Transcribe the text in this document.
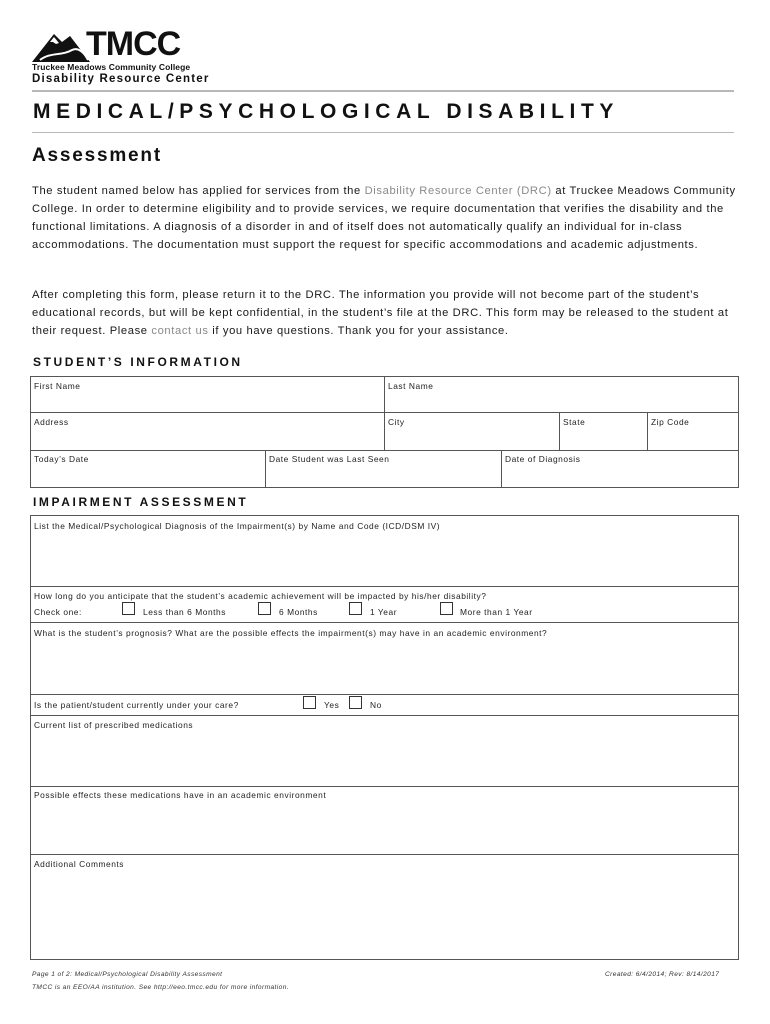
TMCC
Truckee Meadows Community College
Disability Resource Center
MEDICAL/PSYCHOLOGICAL DISABILITY
Assessment
The student named below has applied for services from the Disability Resource Center (DRC) at Truckee Meadows Community College. In order to determine eligibility and to provide services, we require documentation that verifies the disability and the functional limitations. A diagnosis of a disorder in and of itself does not automatically qualify an individual for in-class accommodations. The documentation must support the request for specific accommodations and academic adjustments.
After completing this form, please return it to the DRC. The information you provide will not become part of the student’s educational records, but will be kept confidential, in the student’s file at the DRC. This form may be released to the student at their request. Please contact us if you have questions. Thank you for your assistance.
STUDENT’S INFORMATION
First Name	Last Name
Address	City	State	Zip Code
Today’s Date	Date Student was Last Seen	Date of Diagnosis
IMPAIRMENT ASSESSMENT
List the Medical/Psychological Diagnosis of the Impairment(s) by Name and Code (ICD/DSM IV)
How long do you anticipate that the student’s academic achievement will be impacted by his/her disability?
Check one:	Less than 6 Months	6 Months	1 Year	More than 1 Year
What is the student’s prognosis? What are the possible effects the impairment(s) may have in an academic environment?
Is the patient/student currently under your care?	Yes	No
Current list of prescribed medications
Possible effects these medications have in an academic environment
Additional Comments
Page 1 of 2: Medical/Psychological Disability Assessment	Created: 6/4/2014; Rev: 8/14/2017
TMCC is an EEO/AA institution. See http://eeo.tmcc.edu for more information.
